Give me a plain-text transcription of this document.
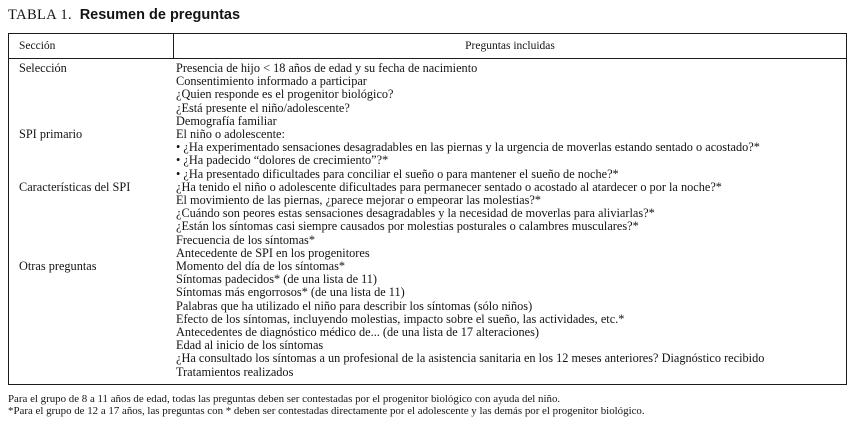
TABLA 1. Resumen de preguntas
Sección	Preguntas incluidas
Selección	Presencia de hijo < 18 años de edad y su fecha de nacimiento
Consentimiento informado a participar
¿Quien responde es el progenitor biológico?
¿Está presente el niño/adolescente?
Demografía familiar
SPI primario	El niño o adolescente:
• ¿Ha experimentado sensaciones desagradables en las piernas y la urgencia de moverlas estando sentado o acostado?*
• ¿Ha padecido “dolores de crecimiento”?*
• ¿Ha presentado dificultades para conciliar el sueño o para mantener el sueño de noche?*
Características del SPI	¿Ha tenido el niño o adolescente dificultades para permanecer sentado o acostado al atardecer o por la noche?*
El movimiento de las piernas, ¿parece mejorar o empeorar las molestias?*
¿Cuándo son peores estas sensaciones desagradables y la necesidad de moverlas para aliviarlas?*
¿Están los síntomas casi siempre causados por molestias posturales o calambres musculares?*
Frecuencia de los síntomas*
Antecedente de SPI en los progenitores
Otras preguntas	Momento del día de los síntomas*
Síntomas padecidos* (de una lista de 11)
Síntomas más engorrosos* (de una lista de 11)
Palabras que ha utilizado el niño para describir los síntomas (sólo niños)
Efecto de los síntomas, incluyendo molestias, impacto sobre el sueño, las actividades, etc.*
Antecedentes de diagnóstico médico de... (de una lista de 17 alteraciones)
Edad al inicio de los síntomas
¿Ha consultado los síntomas a un profesional de la asistencia sanitaria en los 12 meses anteriores? Diagnóstico recibido
Tratamientos realizados
Para el grupo de 8 a 11 años de edad, todas las preguntas deben ser contestadas por el progenitor biológico con ayuda del niño.
*Para el grupo de 12 a 17 años, las preguntas con * deben ser contestadas directamente por el adolescente y las demás por el progenitor biológico.
